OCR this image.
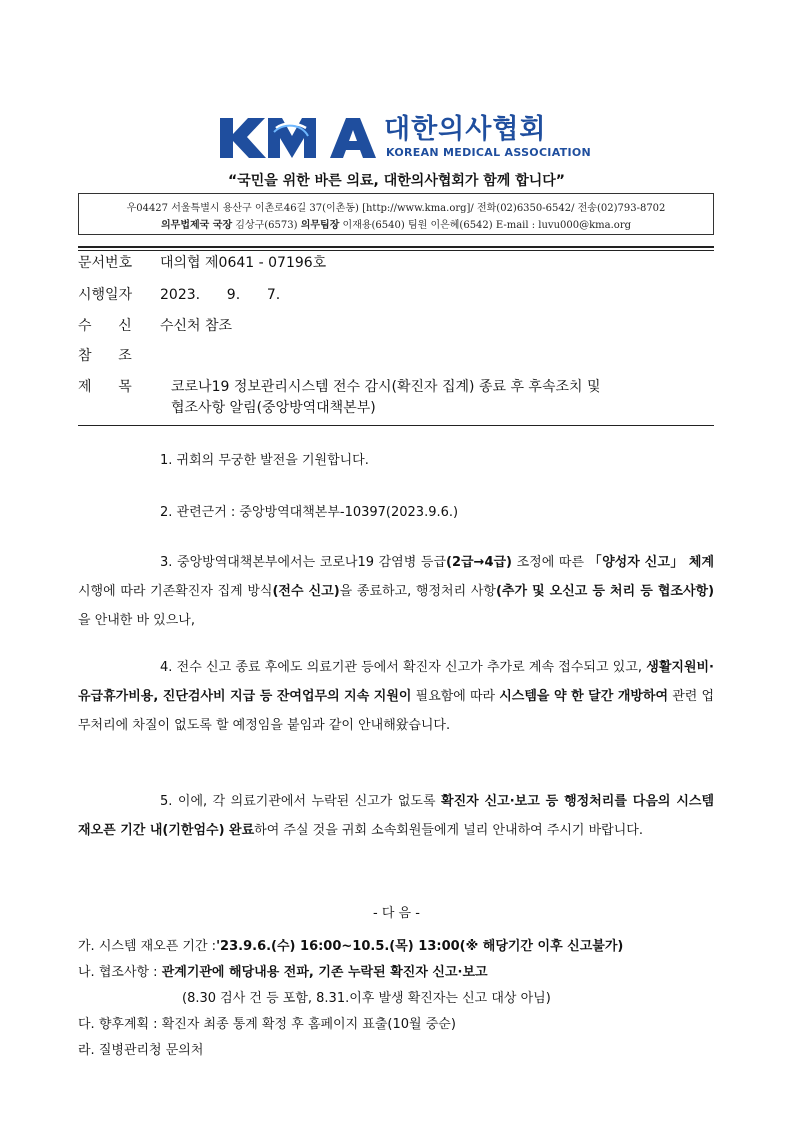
대한의사협회
KOREAN MEDICAL ASSOCIATION
“국민을 위한 바른 의료, 대한의사협회가 함께 합니다”
우04427 서울특별시 용산구 이촌로46길 37(이촌동) [http://www.kma.org]/ 전화(02)6350-6542/ 전송(02)793-8702
의무법제국 국장 김상구(6573) 의무팀장 이재용(6540) 팀원 이은혜(6542) E-mail : luvu000@kma.org
문서번호 대의협 제0641 - 07196호
시행일자 2023.      9.      7.
수      신 수신처 참조
참      조
제      목	코로나19 정보관리시스템 전수 감시(확진자 집계) 종료 후 후속조치 및
협조사항 알림(중앙방역대책본부)
1. 귀회의 무궁한 발전을 기원합니다.
2. 관련근거 : 중앙방역대책본부-10397(2023.9.6.)
3. 중앙방역대책본부에서는 코로나19 감염병 등급(2급→4급) 조정에 따른 「양성자 신고」 체계 시행에 따라 기존확진자 집계 방식(전수 신고)을 종료하고, 행정처리 사항(추가 및 오신고 등 처리 등 협조사항)을 안내한 바 있으나,
4. 전수 신고 종료 후에도 의료기관 등에서 확진자 신고가 추가로 계속 접수되고 있고, 생활지원비·유급휴가비용, 진단검사비 지급 등 잔여업무의 지속 지원이 필요함에 따라 시스템을 약 한 달간 개방하여 관련 업무처리에 차질이 없도록 할 예정임을 붙임과 같이 안내해왔습니다.
5. 이에, 각 의료기관에서 누락된 신고가 없도록 확진자 신고·보고 등 행정처리를 다음의 시스템 재오픈 기간 내(기한엄수) 완료하여 주실 것을 귀회 소속회원들에게 널리 안내하여 주시기 바랍니다.
- 다 음 -
가. 시스템 재오픈 기간 :'23.9.6.(수) 16:00~10.5.(목) 13:00(※ 해당기간 이후 신고불가)
나. 협조사항 : 관계기관에 해당내용 전파, 기존 누락된 확진자 신고·보고
(8.30 검사 건 등 포함, 8.31.이후 발생 확진자는 신고 대상 아님)
다. 향후계획 : 확진자 최종 통계 확정 후 홈페이지 표출(10월 중순)
라. 질병관리청 문의처
